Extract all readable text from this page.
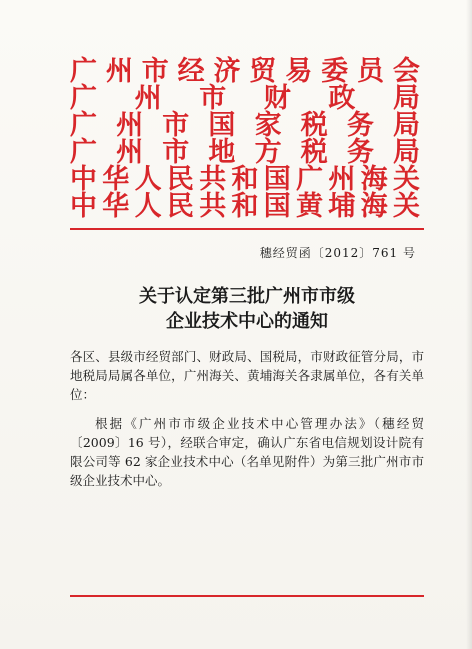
广 州 市 经 济 贸 易 委 员 会
广 州 市 财 政 局
广 州 市 国 家 税 务 局
广 州 市 地 方 税 务 局
中 华 人 民 共 和 国 广 州 海 关
中 华 人 民 共 和 国 黄 埔 海 关
穗经贸函〔2012〕761 号
关于认定第三批广州市市级
企业技术中心的通知

各区、县级市经贸部门、财政局、国税局，市财政征管分局，市地税局局属各单位，广州海关、黄埔海关各隶属单位，各有关单位：

根据《广州市市级企业技术中心管理办法》（穗经贸〔2009〕16 号），经联合审定，确认广东省电信规划设计院有限公司等 62 家企业技术中心（名单见附件）为第三批广州市市级企业技术中心。
